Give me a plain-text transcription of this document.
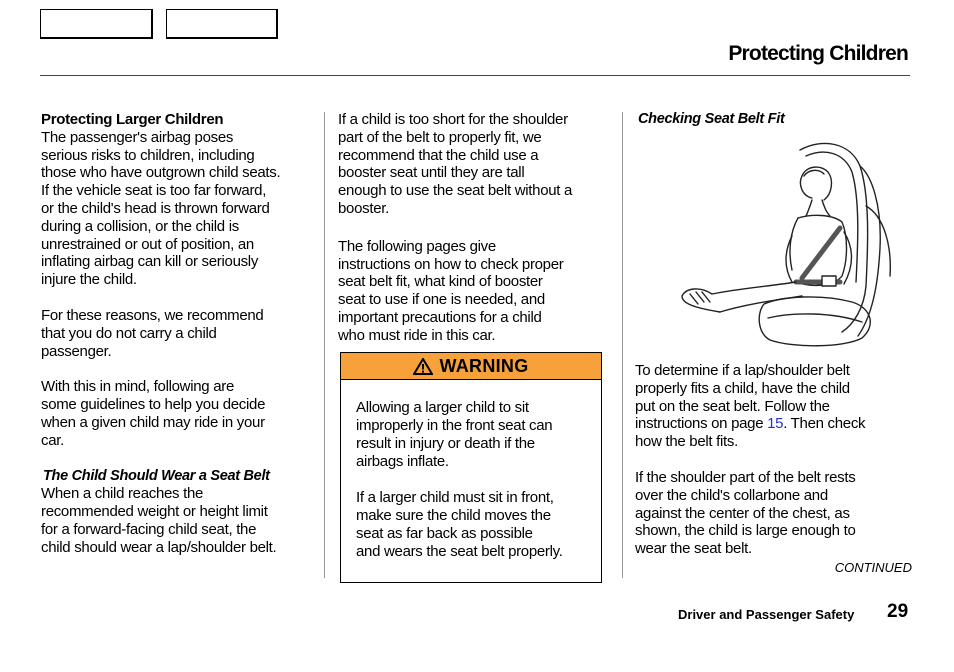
Protecting Children

Protecting Larger Children

The passenger's airbag poses

serious risks to children, including

those who have outgrown child seats.

If the vehicle seat is too far forward,

or the child's head is thrown forward

during a collision, or the child is

unrestrained or out of position, an

inflating airbag can kill or seriously

injure the child.

For these reasons, we recommend

that you do not carry a child

passenger.

With this in mind, following are

some guidelines to help you decide

when a given child may ride in your

car.

The Child Should Wear a Seat Belt

When a child reaches the

recommended weight or height limit

for a forward-facing child seat, the

child should wear a lap/shoulder belt.

If a child is too short for the shoulder

part of the belt to properly fit, we

recommend that the child use a

booster seat until they are tall

enough to use the seat belt without a

booster.

The following pages give

instructions on how to check proper

seat belt fit, what kind of booster

seat to use if one is needed, and

important precautions for a child

who must ride in this car.

WARNING

Allowing a larger child to sit

improperly in the front seat can

result in injury or death if the

airbags inflate.

If a larger child must sit in front,

make sure the child moves the

seat as far back as possible

and wears the seat belt properly.

Checking Seat Belt Fit

To determine if a lap/shoulder belt

properly fits a child, have the child

put on the seat belt. Follow the

instructions on page 15. Then check

how the belt fits.

If the shoulder part of the belt rests

over the child's collarbone and

against the center of the chest, as

shown, the child is large enough to

wear the seat belt.

CONTINUED
Driver and Passenger Safety 29
